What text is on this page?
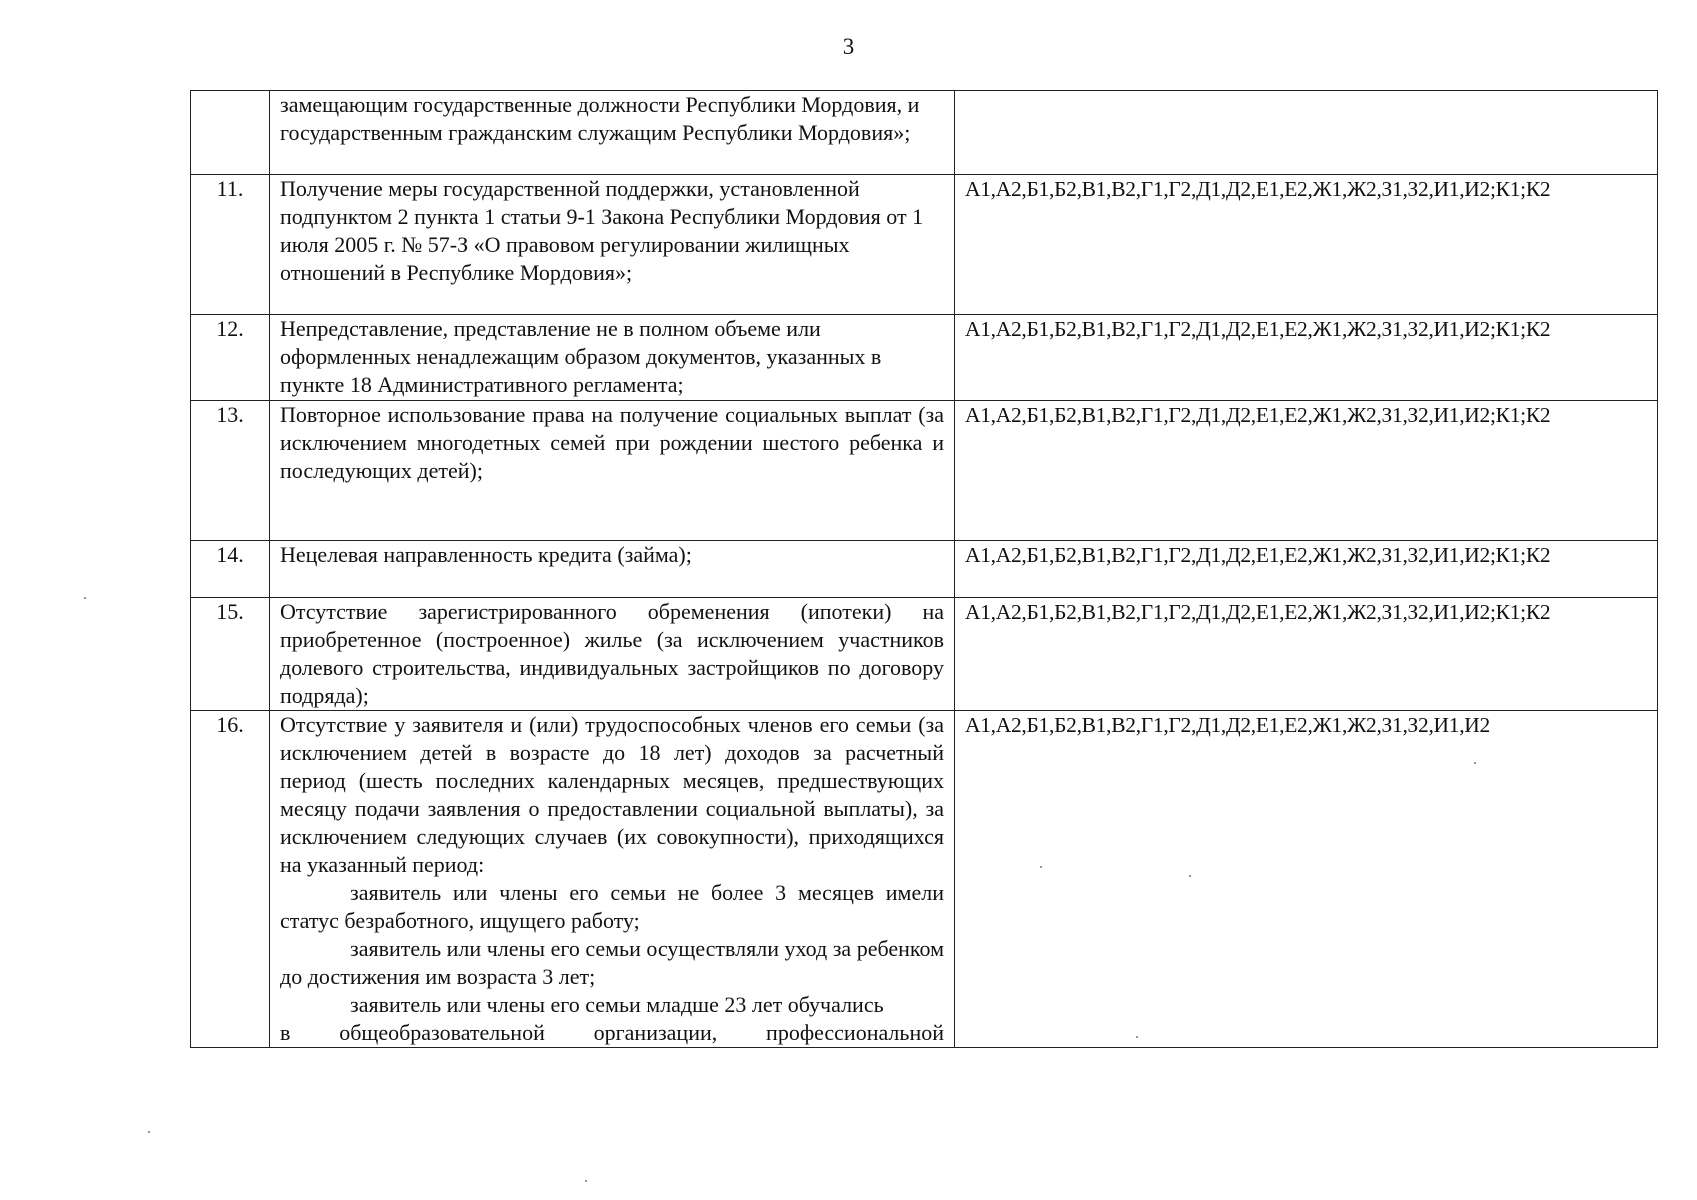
3

	замещающим государственные должности Республики Мордовия, и государственным гражданским служащим Республики Мордовия»;	

11.	Получение меры государственной поддержки, установленной подпунктом 2 пункта 1 статьи 9-1 Закона Республики Мордовия от 1 июля 2005 г. № 57-З «О правовом регулировании жилищных отношений в Республике Мордовия»;	А1,А2,Б1,Б2,В1,В2,Г1,Г2,Д1,Д2,Е1,Е2,Ж1,Ж2,З1,З2,И1,И2;К1;К2
12.	Непредставление, представление не в полном объеме или оформленных ненадлежащим образом документов, указанных в пункте 18 Административного регламента;	А1,А2,Б1,Б2,В1,В2,Г1,Г2,Д1,Д2,Е1,Е2,Ж1,Ж2,З1,З2,И1,И2;К1;К2
13.	Повторное использование права на получение социальных выплат (за исключением многодетных семей при рождении шестого ребенка и последующих детей);	А1,А2,Б1,Б2,В1,В2,Г1,Г2,Д1,Д2,Е1,Е2,Ж1,Ж2,З1,З2,И1,И2;К1;К2
14.	Нецелевая направленность кредита (займа);	А1,А2,Б1,Б2,В1,В2,Г1,Г2,Д1,Д2,Е1,Е2,Ж1,Ж2,З1,З2,И1,И2;К1;К2
15.	Отсутствие зарегистрированного обременения (ипотеки) на приобретенное (построенное) жилье (за исключением участников долевого строительства, индивидуальных застройщиков по договору подряда);	А1,А2,Б1,Б2,В1,В2,Г1,Г2,Д1,Д2,Е1,Е2,Ж1,Ж2,З1,З2,И1,И2;К1;К2
16.	Отсутствие у заявителя и (или) трудоспособных членов его семьи (за исключением детей в возрасте до 18 лет) доходов за расчетный период (шесть последних календарных месяцев, предшествующих месяцу подачи заявления о предоставлении социальной выплаты), за исключением следующих случаев (их совокупности), приходящихся на указанный период:

заявитель или члены его семьи не более 3 месяцев имели статус безработного, ищущего работу;

заявитель или члены его семьи осуществляли уход за ребенком до достижения им возраста 3 лет;

заявитель или члены его семьи младше 23 лет обучались

в общеобразовательной организации, профессиональной	А1,А2,Б1,Б2,В1,В2,Г1,Г2,Д1,Д2,Е1,Е2,Ж1,Ж2,З1,З2,И1,И2
